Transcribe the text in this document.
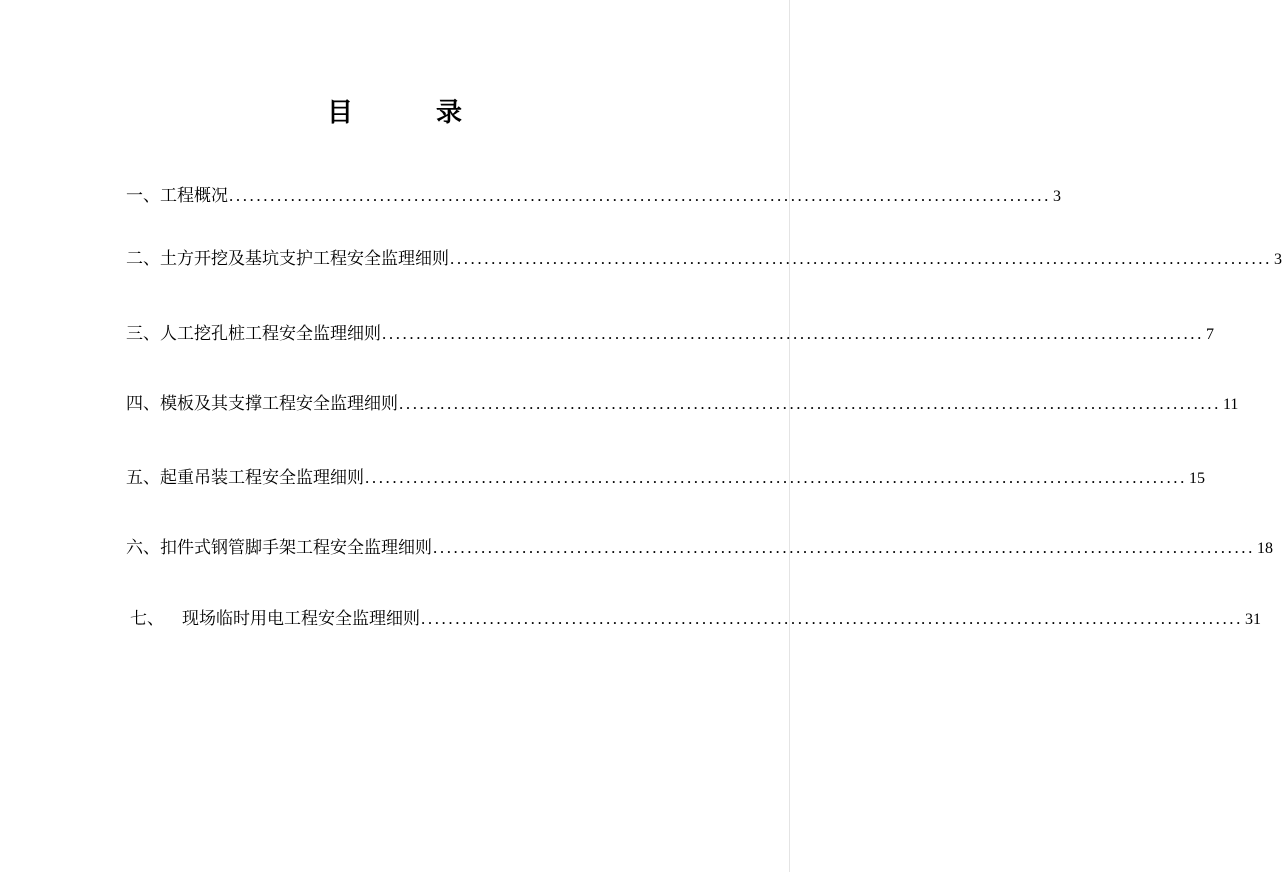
目	录
一、工程概况 ........................................................................................................................ 3
二、土方开挖及基坑支护工程安全监理细则 ........................................................................................................................ 3
三、人工挖孔桩工程安全监理细则 ........................................................................................................................ 7
四、模板及其支撑工程安全监理细则 ........................................................................................................................ 11
五、起重吊装工程安全监理细则 ........................................................................................................................ 15
六、扣件式钢管脚手架工程安全监理细则 ........................................................................................................................ 18
七、 现场临时用电工程安全监理细则 ........................................................................................................................ 31
